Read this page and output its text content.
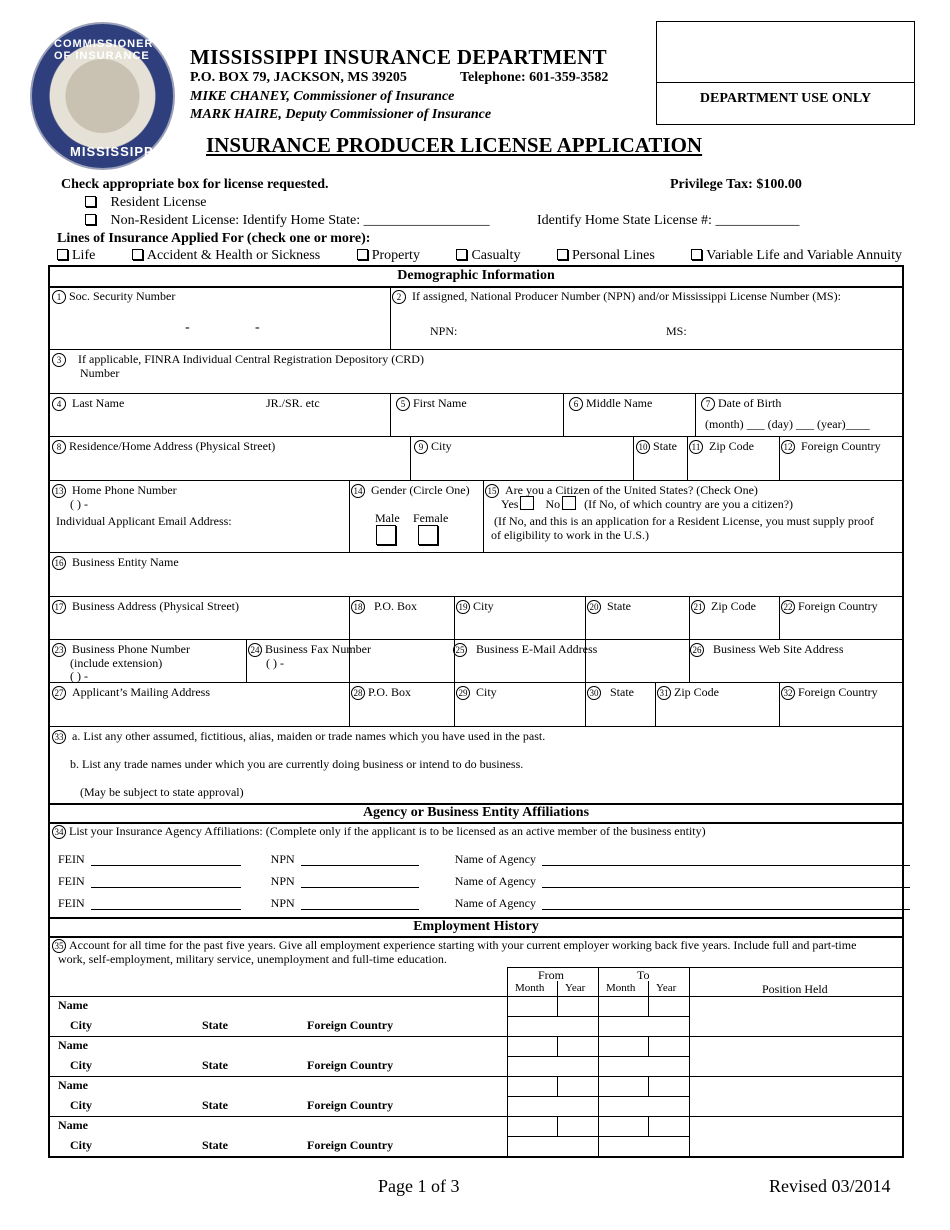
COMMISSIONER OF INSURANCE
MISSISSIPPI
MISSISSIPPI INSURANCE DEPARTMENT
P.O. BOX 79, JACKSON, MS 39205	Telephone: 601-359-3582
MIKE CHANEY, Commissioner of Insurance
MARK HAIRE, Deputy Commissioner of Insurance
DEPARTMENT USE ONLY
INSURANCE PRODUCER LICENSE APPLICATION
Check appropriate box for license requested.	Privilege Tax: $100.00
Resident License
Non-Resident License: Identify Home State: __________________	Identify Home State License #: ____________
Lines of Insurance Applied For (check one or more):
Life	Accident & Health or Sickness	Property	Casualty	Personal Lines	Variable Life and Variable Annuity
Demographic Information
1 Soc. Security Number
-	-
2 If assigned, National Producer Number (NPN) and/or Mississippi License Number (MS):
NPN:	MS:
3 If applicable, FINRA Individual Central Registration Depository (CRD)
Number
4 Last Name	JR./SR. etc	5 First Name	6 Middle Name	7 Date of Birth
(month) ___ (day) ___ (year)____
8 Residence/Home Address (Physical Street)	9 City	10 State 11 Zip Code	12 Foreign Country
13 Home Phone Number
( ) -
Individual Applicant Email Address:
14 Gender (Circle One)
Male Female
15 Are you a Citizen of the United States? (Check One)
Yes No (If No, of which country are you a citizen?)
(If No, and this is an application for a Resident License, you must supply proof
of eligibility to work in the U.S.)
16 Business Entity Name
17 Business Address (Physical Street)	18 P.O. Box	19 City	20 State	21 Zip Code	22 Foreign Country
23 Business Phone Number
(include extension)
( ) -
24 Business Fax Number
( ) -
25 Business E-Mail Address	26 Business Web Site Address
27 Applicant’s Mailing Address	28 P.O. Box	29 City	30 State	31 Zip Code	32 Foreign Country
33 a. List any other assumed, fictitious, alias, maiden or trade names which you have used in the past.
b. List any trade names under which you are currently doing business or intend to do business.
(May be subject to state approval)
Agency or Business Entity Affiliations
34 List your Insurance Agency Affiliations: (Complete only if the applicant is to be licensed as an active member of the business entity)
FEIN	NPN	Name of Agency
FEIN	NPN	Name of Agency
FEIN	NPN	Name of Agency
Employment History
35 Account for all time for the past five years. Give all employment experience starting with your current employer working back five years. Include full and part-time
work, self-employment, military service, unemployment and full-time education.
From	To
Month Year Month Year	Position Held
Name
City	State	Foreign Country
Name
City	State	Foreign Country
Name
City	State	Foreign Country
Name
City	State	Foreign Country
Page 1 of 3	Revised 03/2014
